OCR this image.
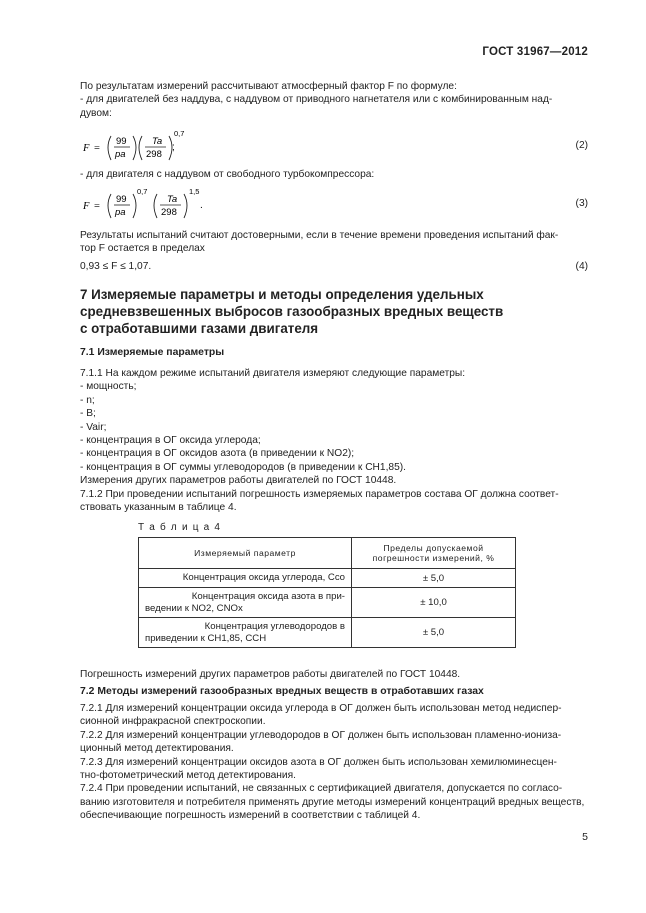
ГОСТ 31967—2012
По результатам измерений рассчитывают атмосферный фактор F по формуле:
- для двигателей без наддува, с наддувом от приводного нагнетателя или с комбинированным над-
дувом:
F =
99
pa
Ta
298
0,7
;	(2)
- для двигателя с наддувом от свободного турбокомпрессора:
F =
99
pa
0,7
Ta
298
1,5
.	(3)
Результаты испытаний считают достоверными, если в течение времени проведения испытаний фак-
тор F остается в пределах
0,93 ≤ F ≤ 1,07.	(4)
7 Измеряемые параметры и методы определения удельных
средневзвешенных выбросов газообразных вредных веществ
с отработавшими газами двигателя
7.1 Измеряемые параметры
7.1.1 На каждом режиме испытаний двигателя измеряют следующие параметры:
- мощность;
- n;
- B;
- Vair;
- концентрация в ОГ оксида углерода;
- концентрация в ОГ оксидов азота (в приведении к NO2);
- концентрация в ОГ суммы углеводородов (в приведении к CH1,85).
Измерения других параметров работы двигателей по ГОСТ 10448.
7.1.2 При проведении испытаний погрешность измеряемых параметров состава ОГ должна соответ-
ствовать указанным в таблице 4.
Т а б л и ц а 4
Измеряемый параметр	Пределы допускаемой
погрешности измерений, %

Концентрация оксида углерода, Cco	± 5,0

Концентрация оксида азота в при-
ведении к NO2, CNOx	± 10,0

Концентрация углеводородов в
приведении к CH1,85, CCH	± 5,0
Погрешность измерений других параметров работы двигателей по ГОСТ 10448.
7.2 Методы измерений газообразных вредных веществ в отработавших газах
7.2.1 Для измерений концентрации оксида углерода в ОГ должен быть использован метод недиспер-
сионной инфракрасной спектроскопии.
7.2.2 Для измерений концентрации углеводородов в ОГ должен быть использован пламенно-иониза-
ционный метод детектирования.
7.2.3 Для измерений концентрации оксидов азота в ОГ должен быть использован хемилюминесцен-
тно-фотометрический метод детектирования.
7.2.4 При проведении испытаний, не связанных с сертификацией двигателя, допускается по согласо-
ванию изготовителя и потребителя применять другие методы измерений концентраций вредных веществ,
обеспечивающие погрешность измерений в соответствии с таблицей 4.
5
